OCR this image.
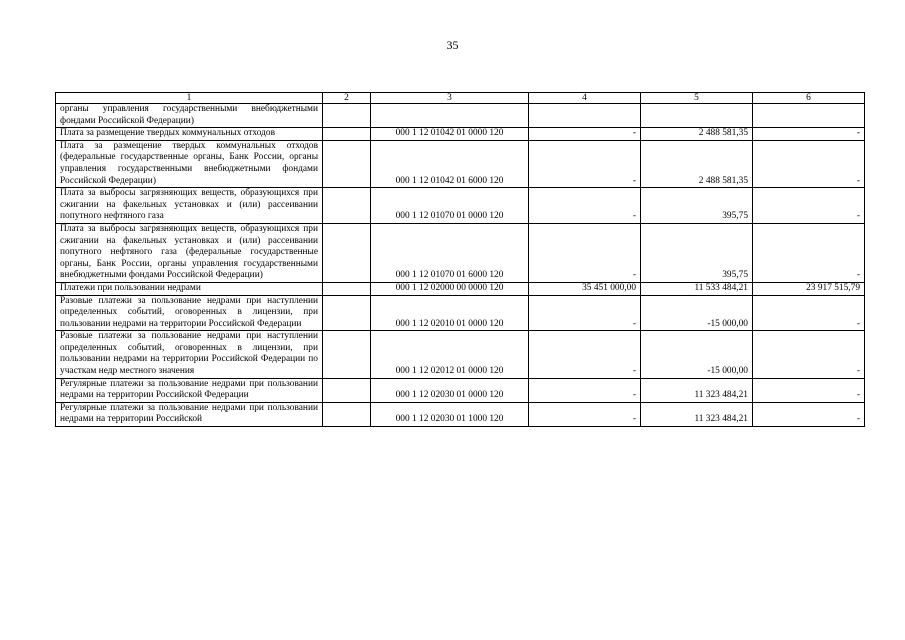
35
1	2	3	4	5	6
органы управления государственными внебюджетными фондами Российской Федерации)					
Плата за размещение твердых коммунальных отходов		000 1 12 01042 01 0000 120	-	2 488 581,35	-
Плата за размещение твердых коммунальных отходов (федеральные государственные органы, Банк России, органы управления государственными внебюджетными фондами Российской Федерации)		000 1 12 01042 01 6000 120	-	2 488 581,35	-
Плата за выбросы загрязняющих веществ, образующихся при сжигании на факельных установках и (или) рассеивании попутного нефтяного газа		000 1 12 01070 01 0000 120	-	395,75	-
Плата за выбросы загрязняющих веществ, образующихся при сжигании на факельных установках и (или) рассеивании попутного нефтяного газа (федеральные государственные органы, Банк России, органы управления государственными внебюджетными фондами Российской Федерации)		000 1 12 01070 01 6000 120	-	395,75	-
Платежи при пользовании недрами		000 1 12 02000 00 0000 120	35 451 000,00	11 533 484,21	23 917 515,79
Разовые платежи за пользование недрами при наступлении определенных событий, оговоренных в лицензии, при пользовании недрами на территории Российской Федерации		000 1 12 02010 01 0000 120	-	-15 000,00	-
Разовые платежи за пользование недрами при наступлении определенных событий, оговоренных в лицензии, при пользовании недрами на территории Российской Федерации по участкам недр местного значения		000 1 12 02012 01 0000 120	-	-15 000,00	-
Регулярные платежи за пользование недрами при пользовании недрами на территории Российской Федерации		000 1 12 02030 01 0000 120	-	11 323 484,21	-
Регулярные платежи за пользование недрами при пользовании недрами на территории Российской		000 1 12 02030 01 1000 120	-	11 323 484,21	-
